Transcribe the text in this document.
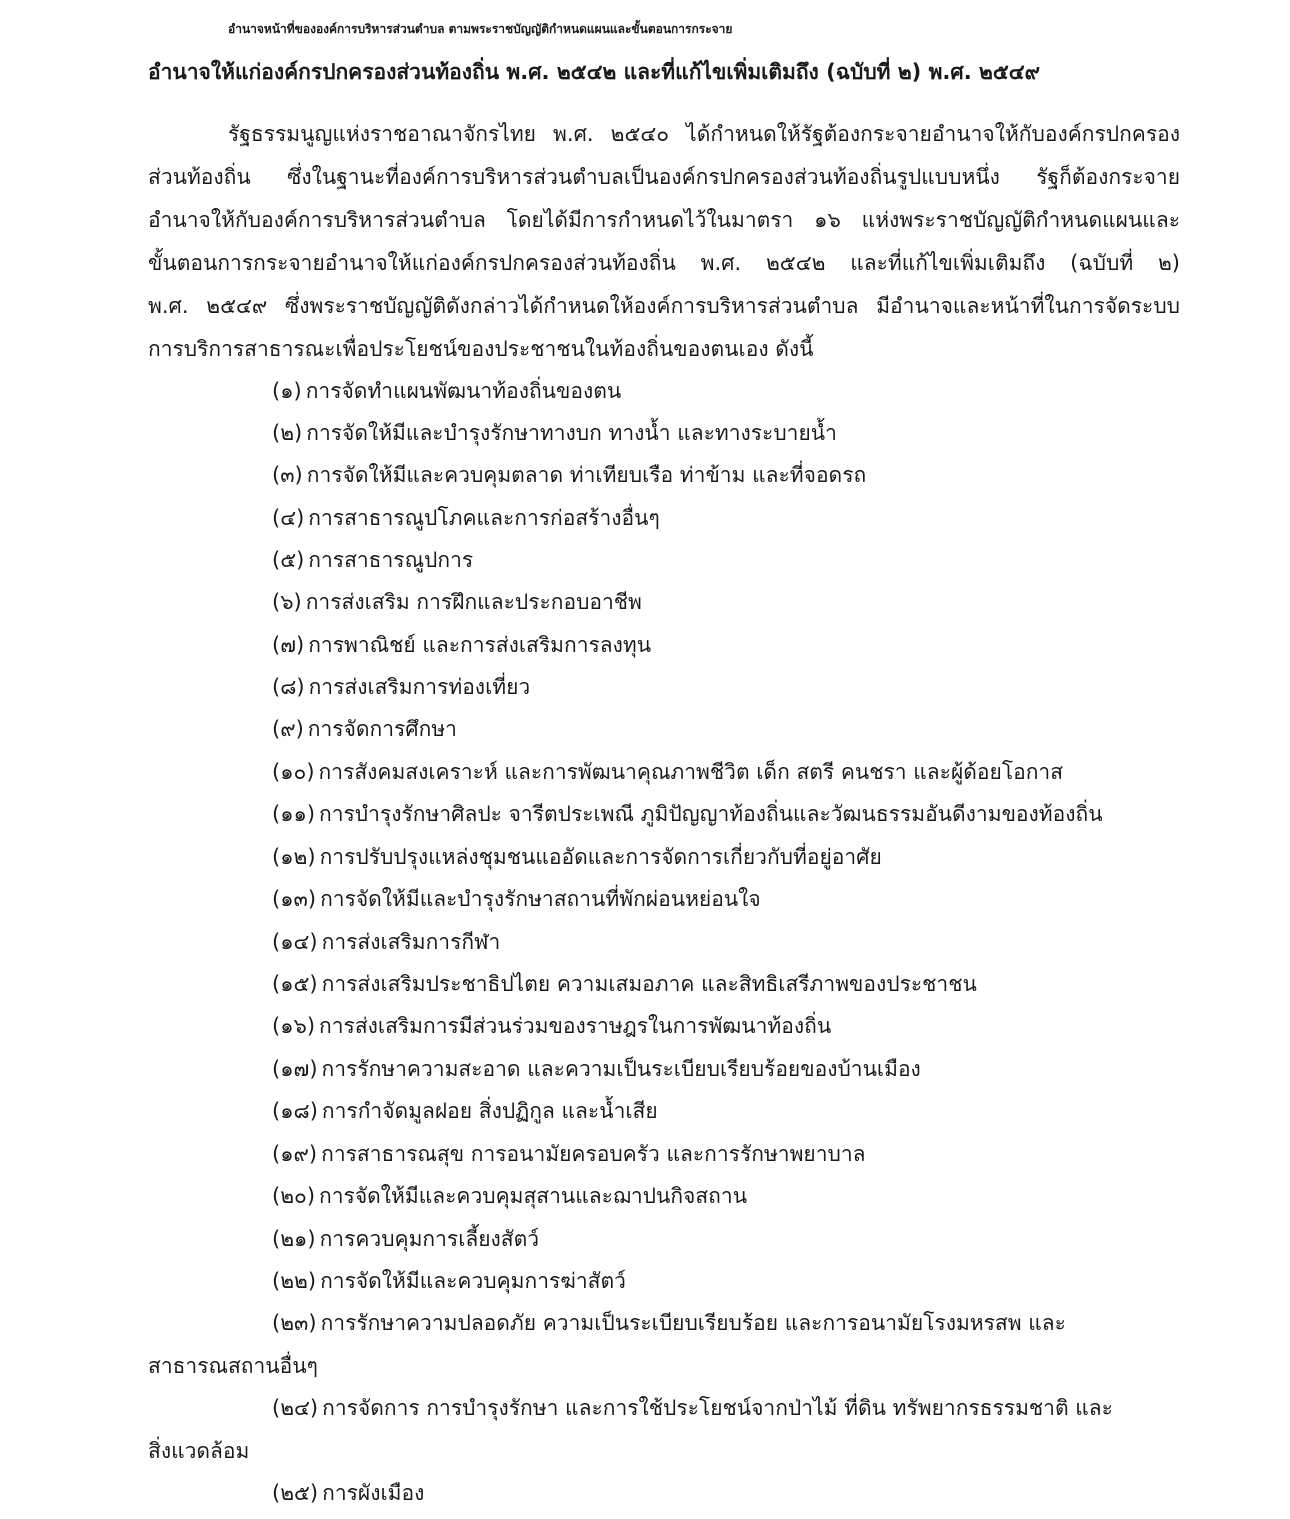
อำนาจหน้าที่ขององค์การบริหารส่วนตำบล ตามพระราชบัญญัติกำหนดแผนและขั้นตอนการกระจาย
อำนาจให้แก่องค์กรปกครองส่วนท้องถิ่น พ.ศ. ๒๕๔๒ และที่แก้ไขเพิ่มเติมถึง (ฉบับที่ ๒) พ.ศ. ๒๕๔๙
รัฐธรรมนูญแห่งราชอาณาจักรไทย พ.ศ. ๒๕๔๐ ได้กำหนดให้รัฐต้องกระจายอำนาจให้กับองค์กรปกครอง
ส่วนท้องถิ่น ซึ่งในฐานะที่องค์การบริหารส่วนตำบลเป็นองค์กรปกครองส่วนท้องถิ่นรูปแบบหนึ่ง รัฐก็ต้องกระจาย
อำนาจให้กับองค์การบริหารส่วนตำบล โดยได้มีการกำหนดไว้ในมาตรา ๑๖ แห่งพระราชบัญญัติกำหนดแผนและ
ขั้นตอนการกระจายอำนาจให้แก่องค์กรปกครองส่วนท้องถิ่น พ.ศ. ๒๕๔๒ และที่แก้ไขเพิ่มเติมถึง (ฉบับที่ ๒)
พ.ศ. ๒๕๔๙ ซึ่งพระราชบัญญัติดังกล่าวได้กำหนดให้องค์การบริหารส่วนตำบล มีอำนาจและหน้าที่ในการจัดระบบ
การบริการสาธารณะเพื่อประโยชน์ของประชาชนในท้องถิ่นของตนเอง ดังนี้
(๑) การจัดทำแผนพัฒนาท้องถิ่นของตน
(๒) การจัดให้มีและบำรุงรักษาทางบก ทางน้ำ และทางระบายน้ำ
(๓) การจัดให้มีและควบคุมตลาด ท่าเทียบเรือ ท่าข้าม และที่จอดรถ
(๔) การสาธารณูปโภคและการก่อสร้างอื่นๆ
(๕) การสาธารณูปการ
(๖) การส่งเสริม การฝึกและประกอบอาชีพ
(๗) การพาณิชย์ และการส่งเสริมการลงทุน
(๘) การส่งเสริมการท่องเที่ยว
(๙) การจัดการศึกษา
(๑๐) การสังคมสงเคราะห์ และการพัฒนาคุณภาพชีวิต เด็ก สตรี คนชรา และผู้ด้อยโอกาส
(๑๑) การบำรุงรักษาศิลปะ จารีตประเพณี ภูมิปัญญาท้องถิ่นและวัฒนธรรมอันดีงามของท้องถิ่น
(๑๒) การปรับปรุงแหล่งชุมชนแออัดและการจัดการเกี่ยวกับที่อยู่อาศัย
(๑๓) การจัดให้มีและบำรุงรักษาสถานที่พักผ่อนหย่อนใจ
(๑๔) การส่งเสริมการกีฬา
(๑๕) การส่งเสริมประชาธิปไตย ความเสมอภาค และสิทธิเสรีภาพของประชาชน
(๑๖) การส่งเสริมการมีส่วนร่วมของราษฎรในการพัฒนาท้องถิ่น
(๑๗) การรักษาความสะอาด และความเป็นระเบียบเรียบร้อยของบ้านเมือง
(๑๘) การกำจัดมูลฝอย สิ่งปฏิกูล และน้ำเสีย
(๑๙) การสาธารณสุข การอนามัยครอบครัว และการรักษาพยาบาล
(๒๐) การจัดให้มีและควบคุมสุสานและฌาปนกิจสถาน
(๒๑) การควบคุมการเลี้ยงสัตว์
(๒๒) การจัดให้มีและควบคุมการฆ่าสัตว์
(๒๓) การรักษาความปลอดภัย ความเป็นระเบียบเรียบร้อย และการอนามัยโรงมหรสพ และ
สาธารณสถานอื่นๆ
(๒๔) การจัดการ การบำรุงรักษา และการใช้ประโยชน์จากป่าไม้ ที่ดิน ทรัพยากรธรรมชาติ และ
สิ่งแวดล้อม
(๒๕) การผังเมือง
